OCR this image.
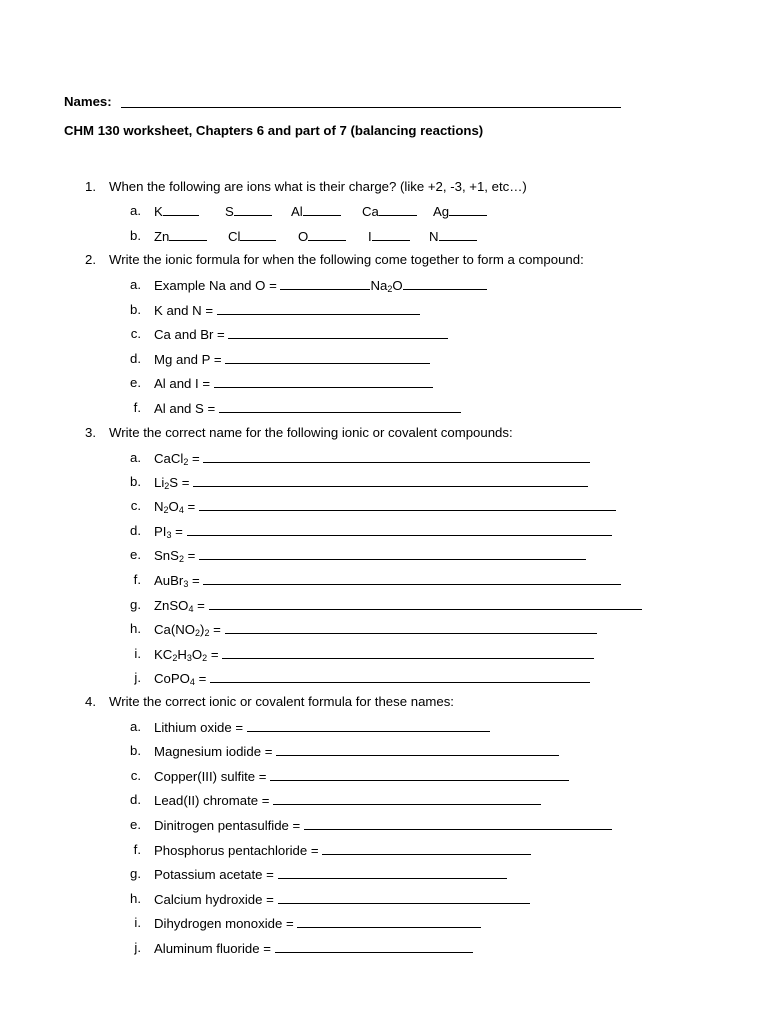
Names:
CHM 130 worksheet, Chapters 6 and part of 7 (balancing reactions)
1. When the following are ions what is their charge? (like +2, -3, +1, etc…)
a. K	S	Al	Ca	Ag
b. Zn	Cl	O	I	N
2. Write the ionic formula for when the following come together to form a compound:
a. Example Na and O =	$Na_2O$
b. K and N =
c. Ca and Br =
d. Mg and P =
e. Al and I =
f. Al and S =
3. Write the correct name for the following ionic or covalent compounds:
a. CaCl$_2$ =
b. $Li_2S$ =
c. $N_2O_4$ =
d. $PI_3$ =
e. SnS$_2$ =
f. AuBr$_3$ =
g. ZnSO$_4$ =
h. $Ca(NO_2)_2$ =
i. $KC_2H_3O_2$ =
j. CoPO$_4$ =
4. Write the correct ionic or covalent formula for these names:
a. Lithium oxide =
b. Magnesium iodide =
c. Copper(III) sulfite =
d. Lead(II) chromate =
e. Dinitrogen pentasulfide =
f. Phosphorus pentachloride =
g. Potassium acetate =
h. Calcium hydroxide =
i. Dihydrogen monoxide =
j. Aluminum fluoride =
